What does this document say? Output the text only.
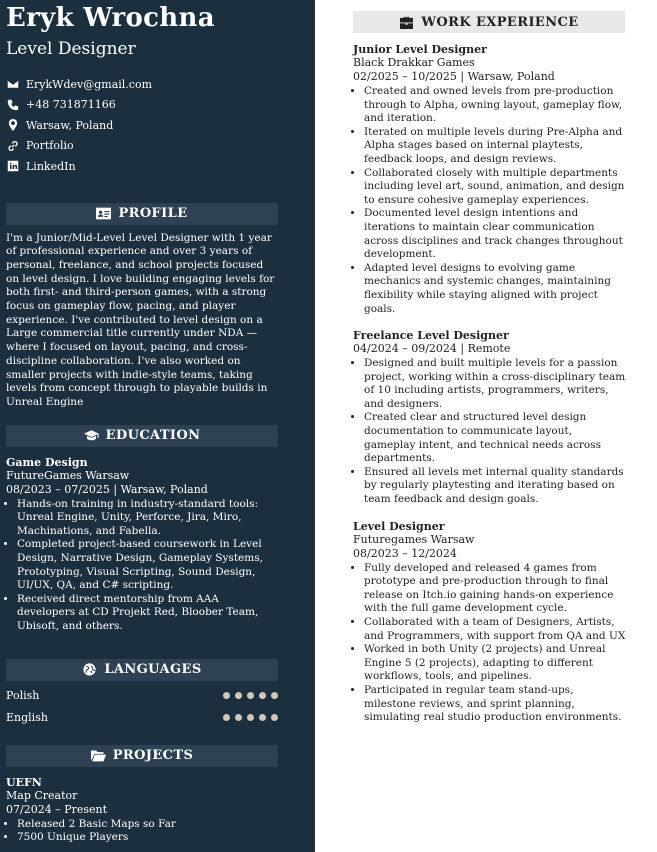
Eryk Wrochna
Level Designer
ErykWdev@gmail.com
+48 731871166
Warsaw, Poland
Portfolio
LinkedIn
PROFILE
I'm a Junior/Mid-Level Level Designer with 1 year of professional experience and over 3 years of personal, freelance, and school projects focused on level design. I love building engaging levels for both first- and third-person games, with a strong focus on gameplay flow, pacing, and player experience. I've contributed to level design on a Large commercial title currently under NDA — where I focused on layout, pacing, and cross-discipline collaboration. I've also worked on smaller projects with indie-style teams, taking levels from concept through to playable builds in Unreal Engine
EDUCATION
Game Design
FutureGames Warsaw
08/2023 – 07/2025 | Warsaw, Poland
• Hands-on training in industry-standard tools: Unreal Engine, Unity, Perforce, Jira, Miro, Machinations, and Fabella.
• Completed project-based coursework in Level Design, Narrative Design, Gameplay Systems, Prototyping, Visual Scripting, Sound Design, UI/UX, QA, and C# scripting.
• Received direct mentorship from AAA developers at CD Projekt Red, Bloober Team, Ubisoft, and others.
LANGUAGES
Polish
English
PROJECTS
UEFN
Map Creator
07/2024 – Present
• Released 2 Basic Maps so Far
• 7500 Unique Players
WORK EXPERIENCE
Junior Level Designer
Black Drakkar Games
02/2025 – 10/2025 | Warsaw, Poland
• Created and owned levels from pre-production through to Alpha, owning layout, gameplay flow, and iteration.
• Iterated on multiple levels during Pre-Alpha and Alpha stages based on internal playtests, feedback loops, and design reviews.
• Collaborated closely with multiple departments including level art, sound, animation, and design to ensure cohesive gameplay experiences.
• Documented level design intentions and iterations to maintain clear communication across disciplines and track changes throughout development.
• Adapted level designs to evolving game mechanics and systemic changes, maintaining flexibility while staying aligned with project goals.
Freelance Level Designer
04/2024 – 09/2024 | Remote
• Designed and built multiple levels for a passion project, working within a cross-disciplinary team of 10 including artists, programmers, writers, and designers.
• Created clear and structured level design documentation to communicate layout, gameplay intent, and technical needs across departments.
• Ensured all levels met internal quality standards by regularly playtesting and iterating based on team feedback and design goals.
Level Designer
Futuregames Warsaw
08/2023 – 12/2024
• Fully developed and released 4 games from prototype and pre-production through to final release on Itch.io gaining hands-on experience with the full game development cycle.
• Collaborated with a team of Designers, Artists, and Programmers, with support from QA and UX
• Worked in both Unity (2 projects) and Unreal Engine 5 (2 projects), adapting to different workflows, tools, and pipelines.
• Participated in regular team stand-ups, milestone reviews, and sprint planning, simulating real studio production environments.
